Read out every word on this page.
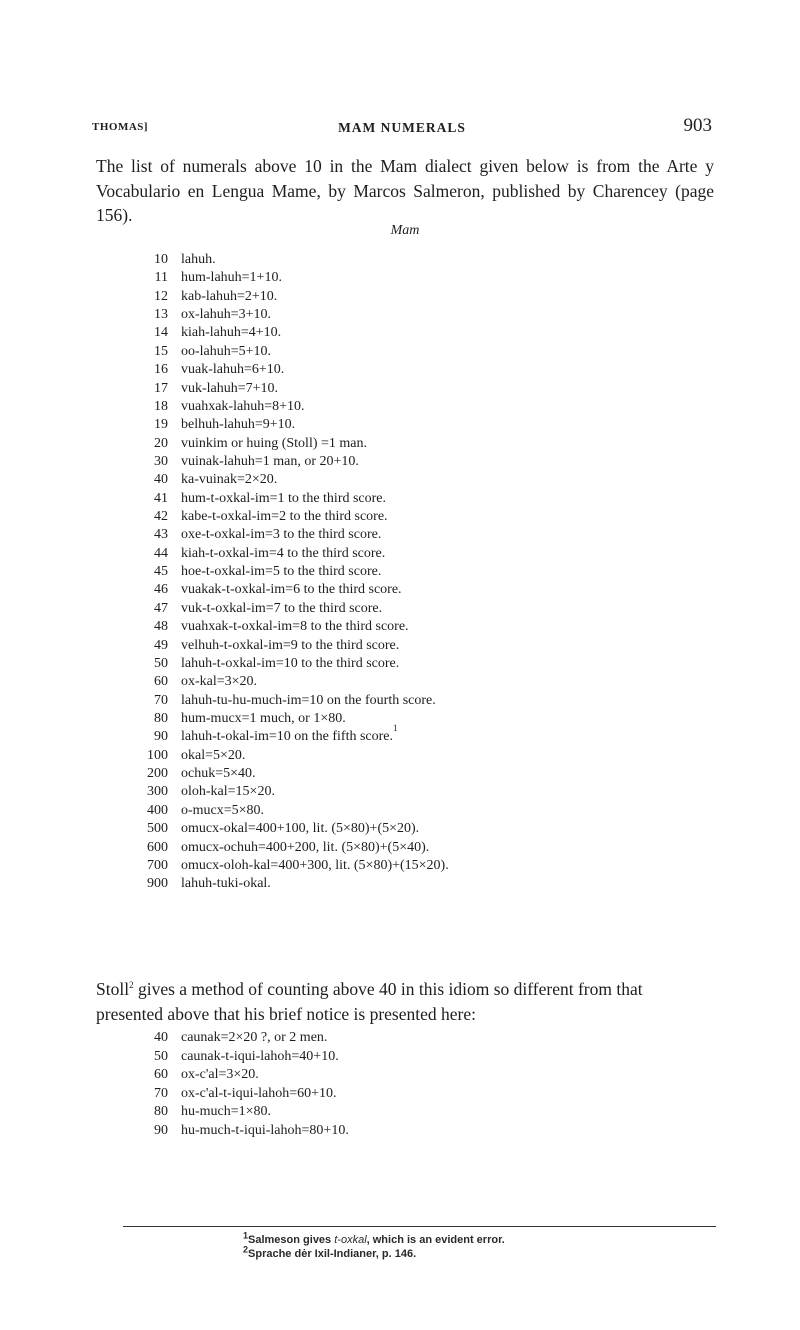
THOMAS]	MAM NUMERALS	903

The list of numerals above 10 in the Mam dialect given below is from the Arte y Vocabulario en Lengua Mame, by Marcos Salmeron, published by Charencey (page 156).

Mam
10 lahuh.
11 hum-lahuh=1+10.
12 kab-lahuh=2+10.
13 ox-lahuh=3+10.
14 kiah-lahuh=4+10.
15 oo-lahuh=5+10.
16 vuak-lahuh=6+10.
17 vuk-lahuh=7+10.
18 vuahxak-lahuh=8+10.
19 belhuh-lahuh=9+10.
20 vuinkim or huing (Stoll) =1 man.
30 vuinak-lahuh=1 man, or 20+10.
40 ka-vuinak=2×20.
41 hum-t-oxkal-im=1 to the third score.
42 kabe-t-oxkal-im=2 to the third score.
43 oxe-t-oxkal-im=3 to the third score.
44 kiah-t-oxkal-im=4 to the third score.
45 hoe-t-oxkal-im=5 to the third score.
46 vuakak-t-oxkal-im=6 to the third score.
47 vuk-t-oxkal-im=7 to the third score.
48 vuahxak-t-oxkal-im=8 to the third score.
49 velhuh-t-oxkal-im=9 to the third score.
50 lahuh-t-oxkal-im=10 to the third score.
60 ox-kal=3×20.
70 lahuh-tu-hu-much-im=10 on the fourth score.
80 hum-mucx=1 much, or 1×80.
90 lahuh-t-okal-im=10 on the fifth score.
1
100 okal=5×20.
200 ochuk=5×40.
300 oloh-kal=15×20.
400 o-mucx=5×80.
500 omucx-okal=400+100, lit. (5×80)+(5×20).
600 omucx-ochuh=400+200, lit. (5×80)+(5×40).
700 omucx-oloh-kal=400+300, lit. (5×80)+(15×20).
900 lahuh-tuki-okal.

Stoll$^2$ gives a method of counting above 40 in this idiom so different from that presented above that his brief notice is presented here:

40 caunak=2×20 ?, or 2 men.
50 caunak-t-iqui-lahoh=40+10.
60 ox-c'al=3×20.
70 ox-c'al-t-iqui-lahoh=60+10.
80 hu-much=1×80.
90 hu-much-t-iqui-lahoh=80+10.
$^1$Salmeson gives t-oxkal, which is an evident error.
$^2$Sprache dėr Ixil-Indianer, p. 146.
